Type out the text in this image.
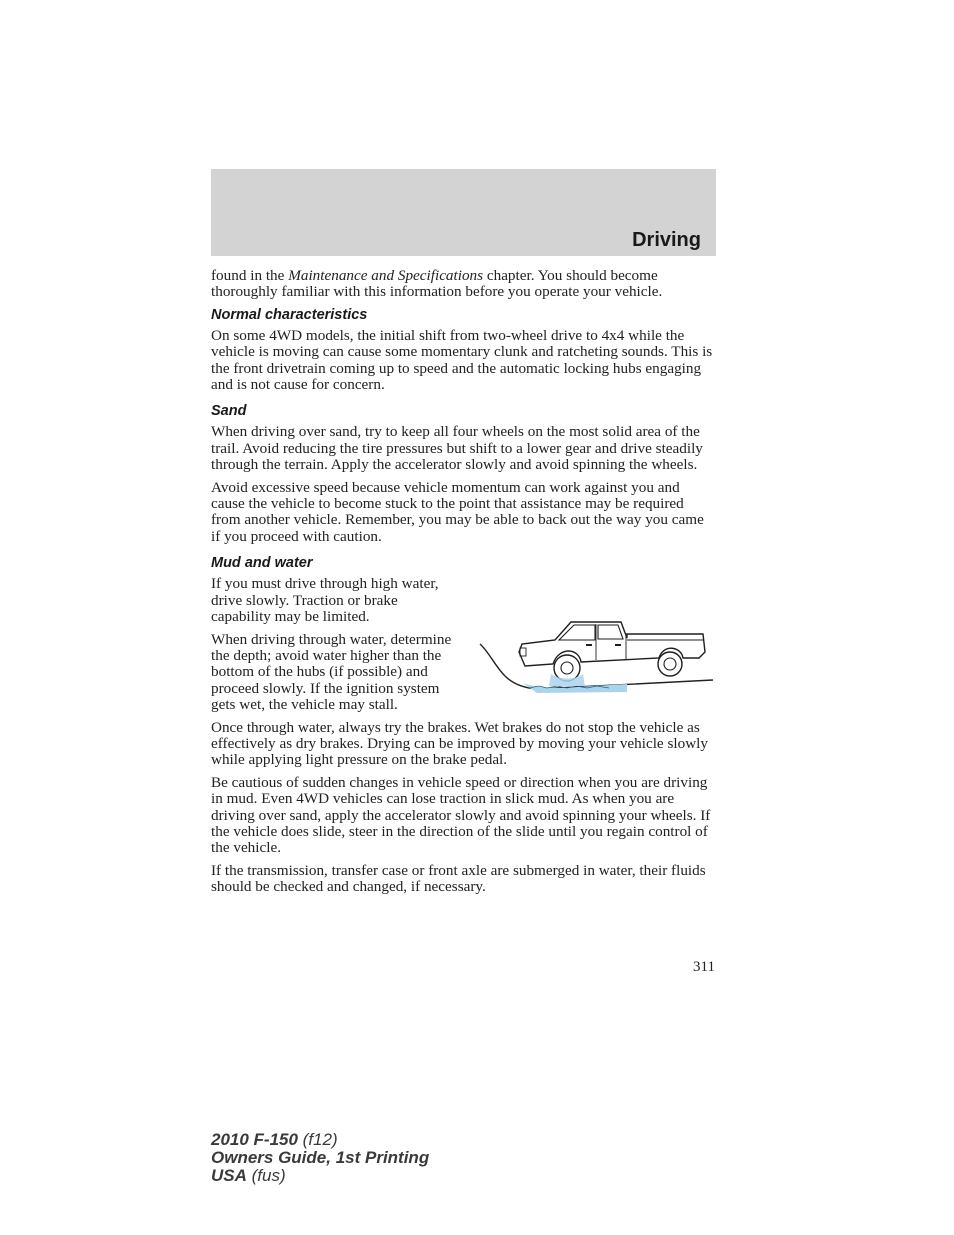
Driving

found in the Maintenance and Specifications chapter. You should become thoroughly familiar with this information before you operate your vehicle.

Normal characteristics

On some 4WD models, the initial shift from two-wheel drive to 4x4 while the vehicle is moving can cause some momentary clunk and ratcheting sounds. This is the front drivetrain coming up to speed and the automatic locking hubs engaging and is not cause for concern.

Sand

When driving over sand, try to keep all four wheels on the most solid area of the trail. Avoid reducing the tire pressures but shift to a lower gear and drive steadily through the terrain. Apply the accelerator slowly and avoid spinning the wheels.

Avoid excessive speed because vehicle momentum can work against you and cause the vehicle to become stuck to the point that assistance may be required from another vehicle. Remember, you may be able to back out the way you came if you proceed with caution.

Mud and water

If you must drive through high water, drive slowly. Traction or brake capability may be limited.

When driving through water, determine the depth; avoid water higher than the bottom of the hubs (if possible) and proceed slowly. If the ignition system gets wet, the vehicle may stall.

Once through water, always try the brakes. Wet brakes do not stop the vehicle as effectively as dry brakes. Drying can be improved by moving your vehicle slowly while applying light pressure on the brake pedal.

Be cautious of sudden changes in vehicle speed or direction when you are driving in mud. Even 4WD vehicles can lose traction in slick mud. As when you are driving over sand, apply the accelerator slowly and avoid spinning your wheels. If the vehicle does slide, steer in the direction of the slide until you regain control of the vehicle.

If the transmission, transfer case or front axle are submerged in water, their fluids should be checked and changed, if necessary.

311
2010 F-150 (f12)
Owners Guide, 1st Printing
USA (fus)
